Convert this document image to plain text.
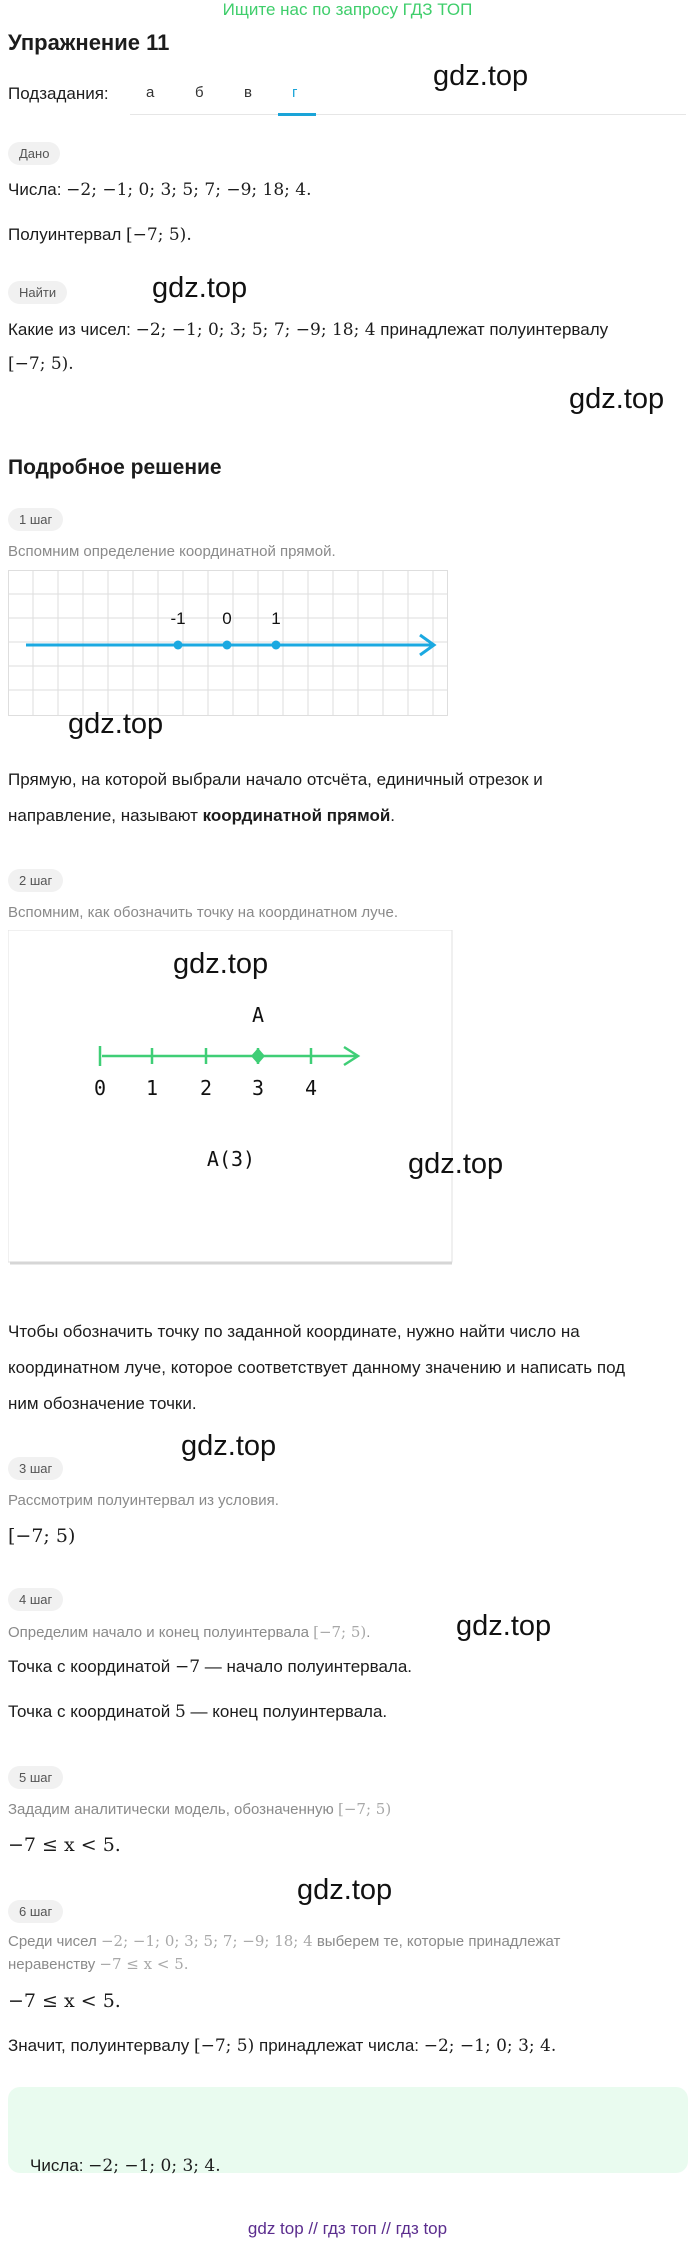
Ищите нас по запросу ГДЗ ТОП
Упражнение 11
gdz.top
Подзадания: а	б	в	г
Дано
Числа: −2; −1; 0; 3; 5; 7; −9; 18; 4.
Полуинтервал [−7; 5).
Найти	gdz.top
Какие из чисел: −2; −1; 0; 3; 5; 7; −9; 18; 4 принадлежат полуинтервалу
[−7; 5).
gdz.top
Подробное решение
1 шаг
Вспомним определение координатной прямой.
-1 0 1
gdz.top
Прямую, на которой выбрали начало отсчёта, единичный отрезок и
направление, называют координатной прямой.
2 шаг
Вспомним, как обозначить точку на координатном луче.
A
0 1 2 3 4
A(3)
gdz.top
gdz.top
Чтобы обозначить точку по заданной координате, нужно найти число на
координатном луче, которое соответствует данному значению и написать под
ним обозначение точки.
gdz.top
3 шаг
Рассмотрим полуинтервал из условия.
[−7; 5)
4 шаг
gdz.top
Определим начало и конец полуинтервала [−7; 5).
Точка с координатой −7 — начало полуинтервала.
Точка с координатой 5 — конец полуинтервала.
5 шаг
Зададим аналитически модель, обозначенную [−7; 5)
−7 ≤ x < 5.
gdz.top
6 шаг
Среди чисел −2; −1; 0; 3; 5; 7; −9; 18; 4 выберем те, которые принадлежат
неравенству −7 ≤ x < 5.
−7 ≤ x < 5.
Значит, полуинтервалу [−7; 5) принадлежат числа: −2; −1; 0; 3; 4.
Числа: −2; −1; 0; 3; 4.
gdz top // гдз топ // гдз top
